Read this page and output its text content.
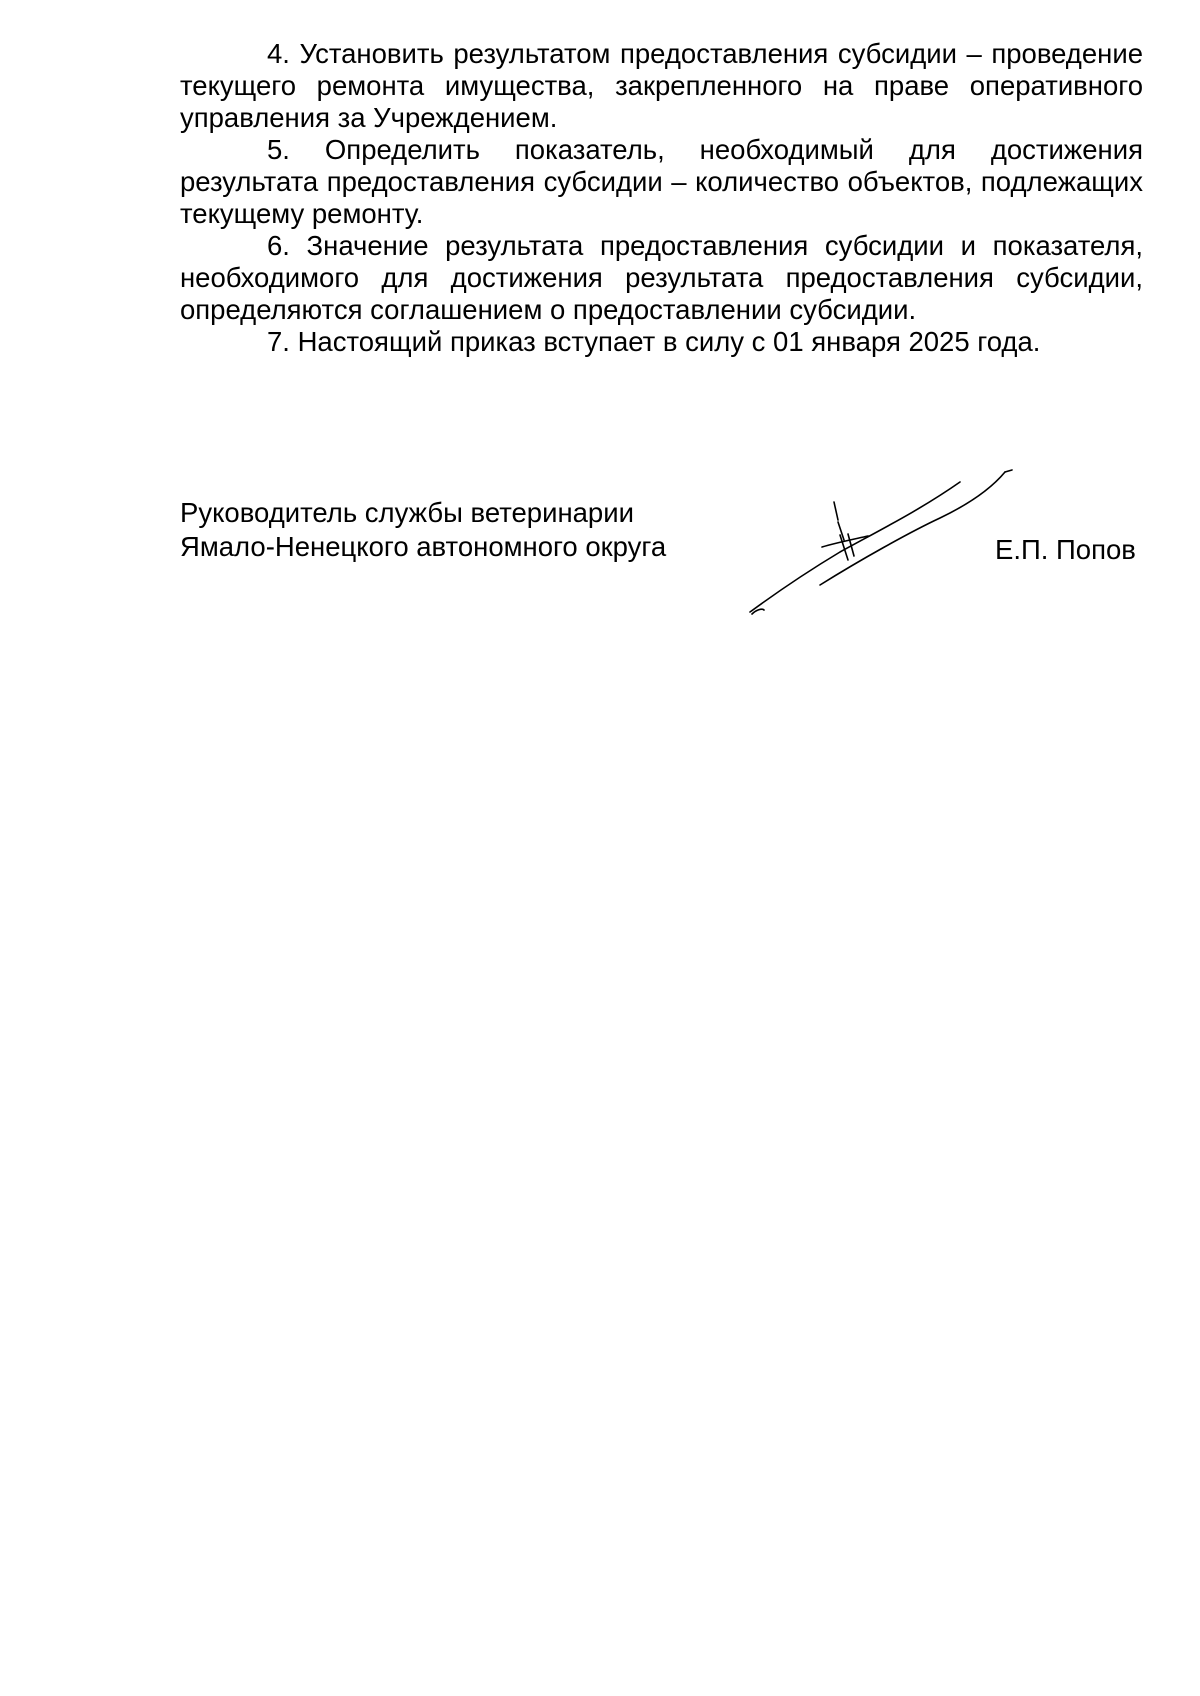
4. Установить результатом предоставления субсидии – проведение текущего ремонта имущества, закрепленного на праве оперативного управления за Учреждением.

5. Определить показатель, необходимый для достижения результата предоставления субсидии – количество объектов, подлежащих текущему ремонту.

6. Значение результата предоставления субсидии и показателя, необходимого для достижения результата предоставления субсидии, определяются соглашением о предоставлении субсидии.

7. Настоящий приказ вступает в силу с 01 января 2025 года.

Руководитель службы ветеринарии
Ямало-Ненецкого автономного округа	Е.П. Попов
